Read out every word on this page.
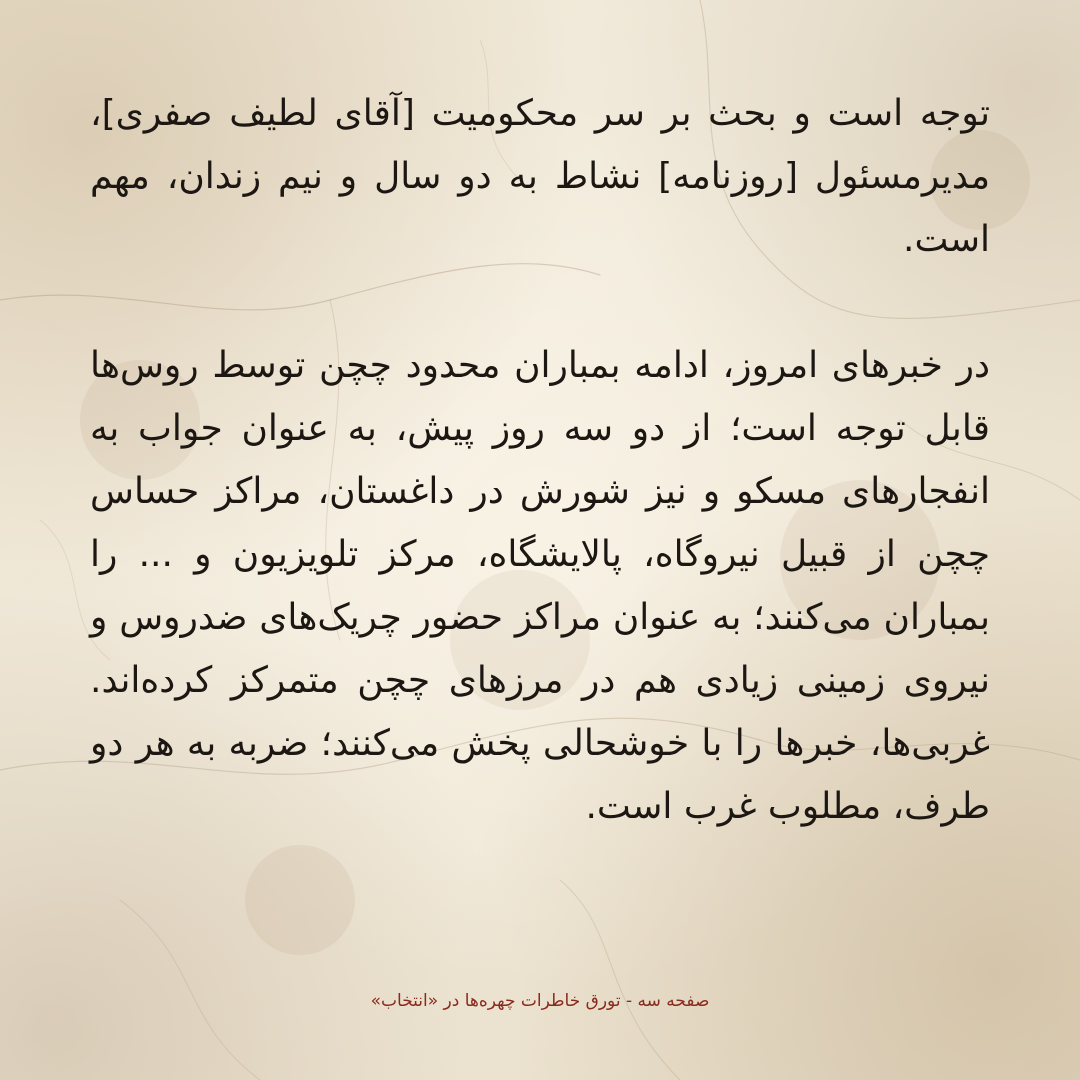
توجه است و بحث بر سر محکومیت [آقای لطیف صفری]، مدیرمسئول [روزنامه] نشاط به دو سال و نیم زندان، مهم است.

در خبرهای امروز، ادامه بمباران محدود چچن توسط روس‌ها قابل توجه است؛ از دو سه روز پیش، به عنوان جواب به انفجارهای مسکو و نیز شورش در داغستان، مراکز حساس چچن از قبیل نیروگاه، پالایشگاه، مرکز تلویزیون و ... را بمباران می‌کنند؛ به عنوان مراکز حضور چریک‌های ضدروس و نیروی زمینی زیادی هم در مرزهای چچن متمرکز کرده‌اند. غربی‌ها، خبرها را با خوشحالی پخش می‌کنند؛ ضربه به هر دو طرف، مطلوب غرب است.

صفحه سه - تورق خاطرات چهره‌ها در «انتخاب»
